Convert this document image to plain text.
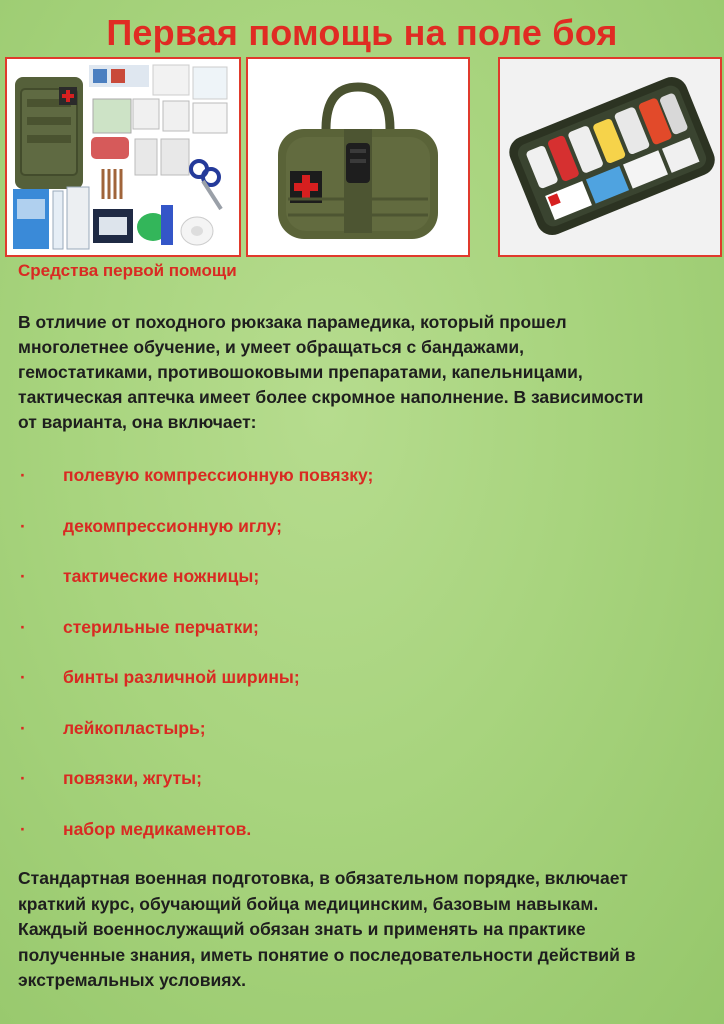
Первая помощь на поле боя
Средства первой помощи
В отличие от походного рюкзака парамедика, который прошел
многолетнее обучение, и умеет обращаться с бандажами,
гемостатиками, противошоковыми препаратами, капельницами,
тактическая аптечка имеет более скромное наполнение. В зависимости
от варианта, она включает:
· полевую компрессионную повязку;
· декомпрессионную иглу;
· тактические ножницы;
· стерильные перчатки;
· бинты различной ширины;
· лейкопластырь;
· повязки, жгуты;
· набор медикаментов.
Стандартная военная подготовка, в обязательном порядке, включает
краткий курс, обучающий бойца медицинским, базовым навыкам.
Каждый военнослужащий обязан знать и применять на практике
полученные знания, иметь понятие о последовательности действий в
экстремальных условиях.
